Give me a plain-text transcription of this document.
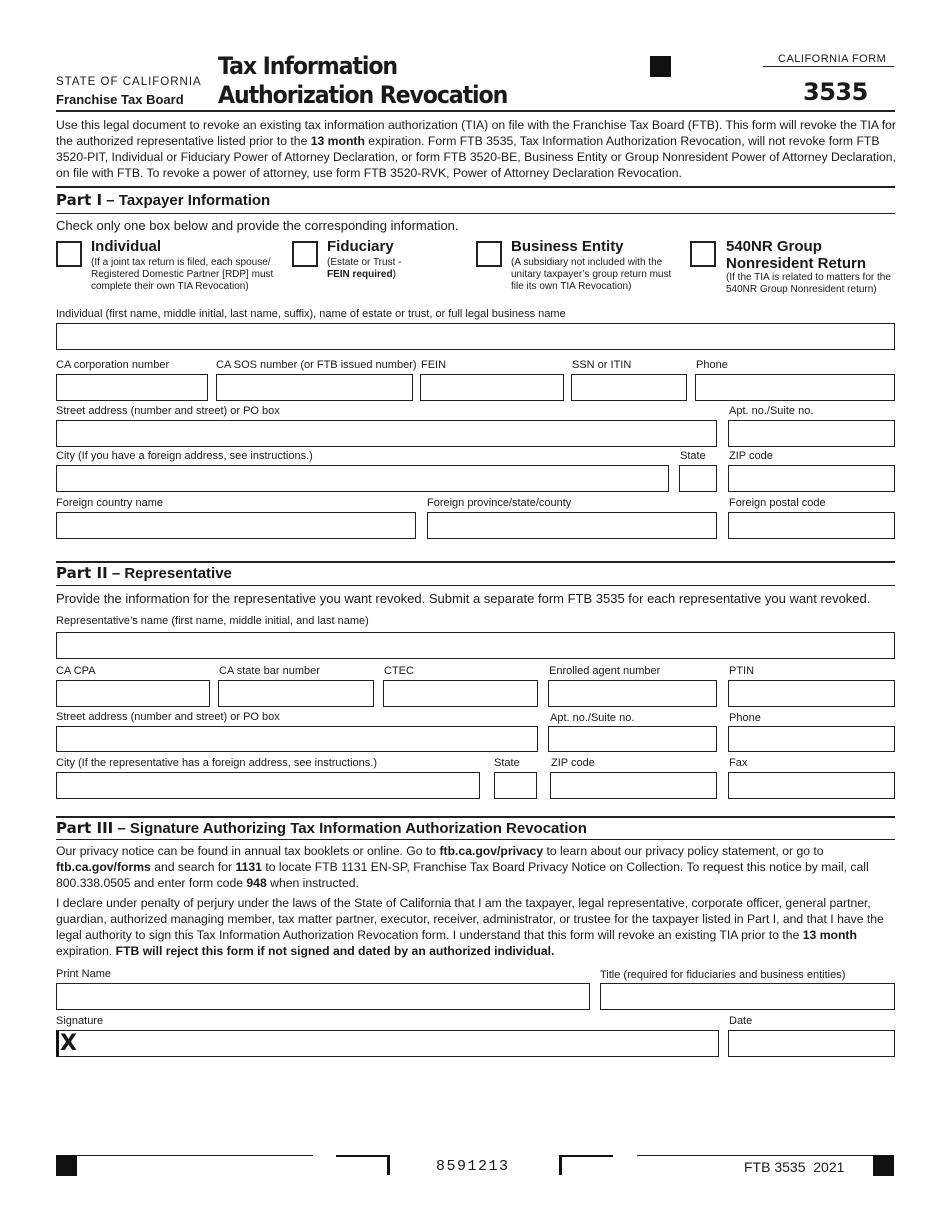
STATE OF CALIFORNIA
Franchise Tax Board
Tax Information
Authorization Revocation
CALIFORNIA FORM
3535
Use this legal document to revoke an existing tax information authorization (TIA) on file with the Franchise Tax Board (FTB). This form will revoke the TIA for the authorized representative listed prior to the 13 month expiration. Form FTB 3535, Tax Information Authorization Revocation, will not revoke form FTB 3520-PIT, Individual or Fiduciary Power of Attorney Declaration, or form FTB 3520-BE, Business Entity or Group Nonresident Power of Attorney Declaration, on file with FTB. To revoke a power of attorney, use form FTB 3520-RVK, Power of Attorney Declaration Revocation.
Part I – Taxpayer Information
Check only one box below and provide the corresponding information.
Individual
(If a joint tax return is filed, each spouse/
Registered Domestic Partner [RDP] must
complete their own TIA Revocation)
Fiduciary
(Estate or Trust -
FEIN required)
Business Entity
(A subsidiary not included with the
unitary taxpayer’s group return must
file its own TIA Revocation)
540NR Group
Nonresident Return
(If the TIA is related to matters for the
540NR Group Nonresident return)
Individual (first name, middle initial, last name, suffix), name of estate or trust, or full legal business name
CA corporation number	CA SOS number (or FTB issued number) FEIN	SSN or ITIN	Phone
Street address (number and street) or PO box	Apt. no./Suite no.
City (If you have a foreign address, see instructions.)	State ZIP code
Foreign country name	Foreign province/state/county	Foreign postal code
Part II – Representative
Provide the information for the representative you want revoked. Submit a separate form FTB 3535 for each representative you want revoked.
Representative’s name (first name, middle initial, and last name)
CA CPA	CA state bar number	CTEC	Enrolled agent number	PTIN
Street address (number and street) or PO box	Apt. no./Suite no.	Phone
City (If the representative has a foreign address, see instructions.)	State	ZIP code	Fax
Part III – Signature Authorizing Tax Information Authorization Revocation
Our privacy notice can be found in annual tax booklets or online. Go to ftb.ca.gov/privacy to learn about our privacy policy statement, or go to ftb.ca.gov/forms and search for 1131 to locate FTB 1131 EN-SP, Franchise Tax Board Privacy Notice on Collection. To request this notice by mail, call 800.338.0505 and enter form code 948 when instructed.
I declare under penalty of perjury under the laws of the State of California that I am the taxpayer, legal representative, corporate officer, general partner, guardian, authorized managing member, tax matter partner, executor, receiver, administrator, or trustee for the taxpayer listed in Part I, and that I have the legal authority to sign this Tax Information Authorization Revocation form. I understand that this form will revoke an existing TIA prior to the 13 month expiration. FTB will reject this form if not signed and dated by an authorized individual.
Print Name	Title (required for fiduciaries and business entities)
Signature	Date
X
8591213	FTB 3535  2021
